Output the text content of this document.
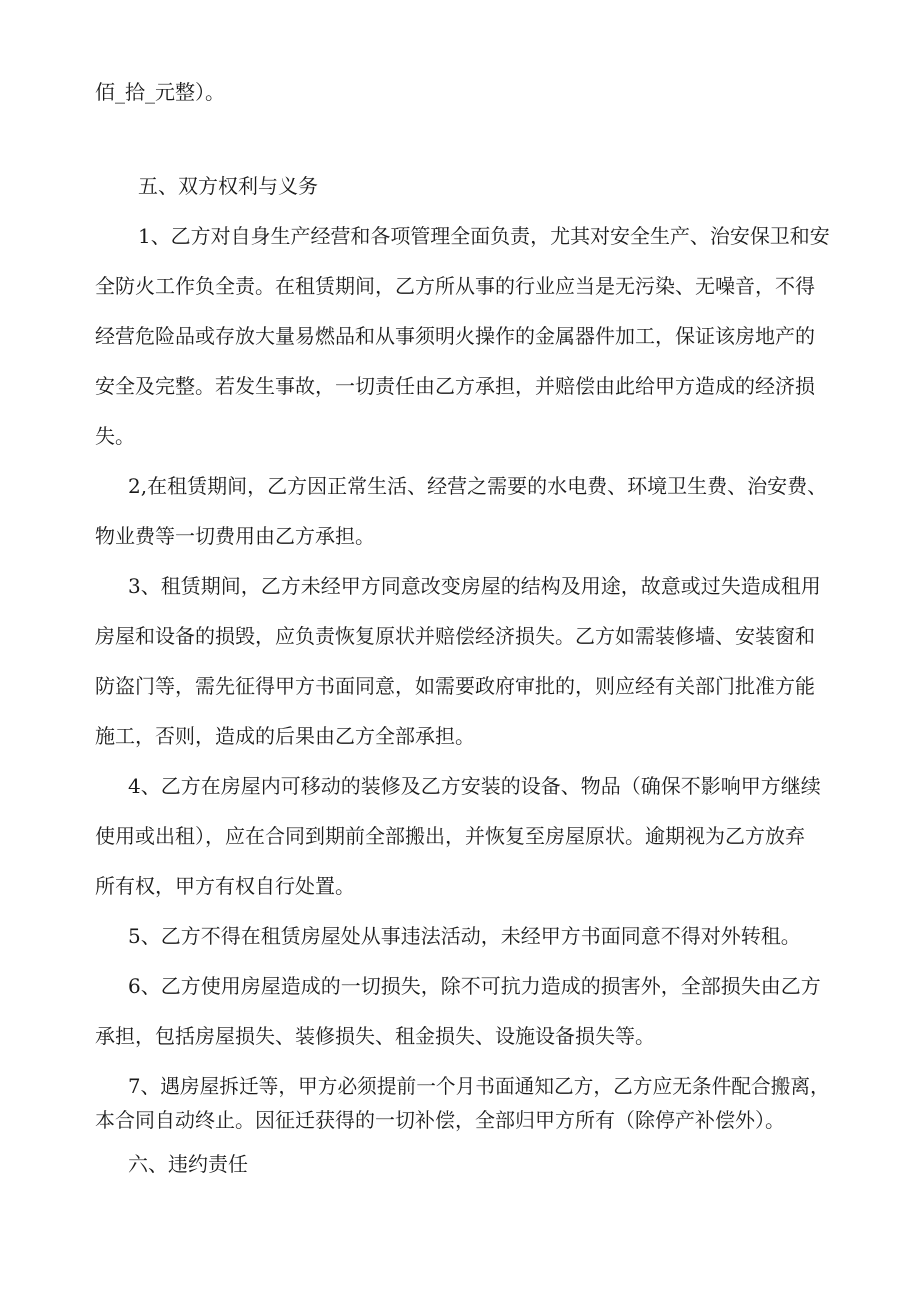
佰_拾_元整）。
五、双方权利与义务
1、乙方对自身生产经营和各项管理全面负责，尤其对安全生产、治安保卫和安
全防火工作负全责。在租赁期间，乙方所从事的行业应当是无污染、无噪音，不得
经营危险品或存放大量易燃品和从事须明火操作的金属器件加工，保证该房地产的
安全及完整。若发生事故，一切责任由乙方承担，并赔偿由此给甲方造成的经济损
失。
2,在租赁期间，乙方因正常生活、经营之需要的水电费、环境卫生费、治安费、
物业费等一切费用由乙方承担。
3、租赁期间，乙方未经甲方同意改变房屋的结构及用途，故意或过失造成租用
房屋和设备的损毁，应负责恢复原状并赔偿经济损失。乙方如需装修墙、安装窗和
防盗门等，需先征得甲方书面同意，如需要政府审批的，则应经有关部门批准方能
施工，否则，造成的后果由乙方全部承担。
4、乙方在房屋内可移动的装修及乙方安装的设备、物品（确保不影响甲方继续
使用或出租），应在合同到期前全部搬出，并恢复至房屋原状。逾期视为乙方放弃
所有权，甲方有权自行处置。
5、乙方不得在租赁房屋处从事违法活动，未经甲方书面同意不得对外转租。
6、乙方使用房屋造成的一切损失，除不可抗力造成的损害外，全部损失由乙方
承担，包括房屋损失、装修损失、租金损失、设施设备损失等。
7、遇房屋拆迁等，甲方必须提前一个月书面通知乙方，乙方应无条件配合搬离，
本合同自动终止。因征迁获得的一切补偿，全部归甲方所有（除停产补偿外）。
六、违约责任
